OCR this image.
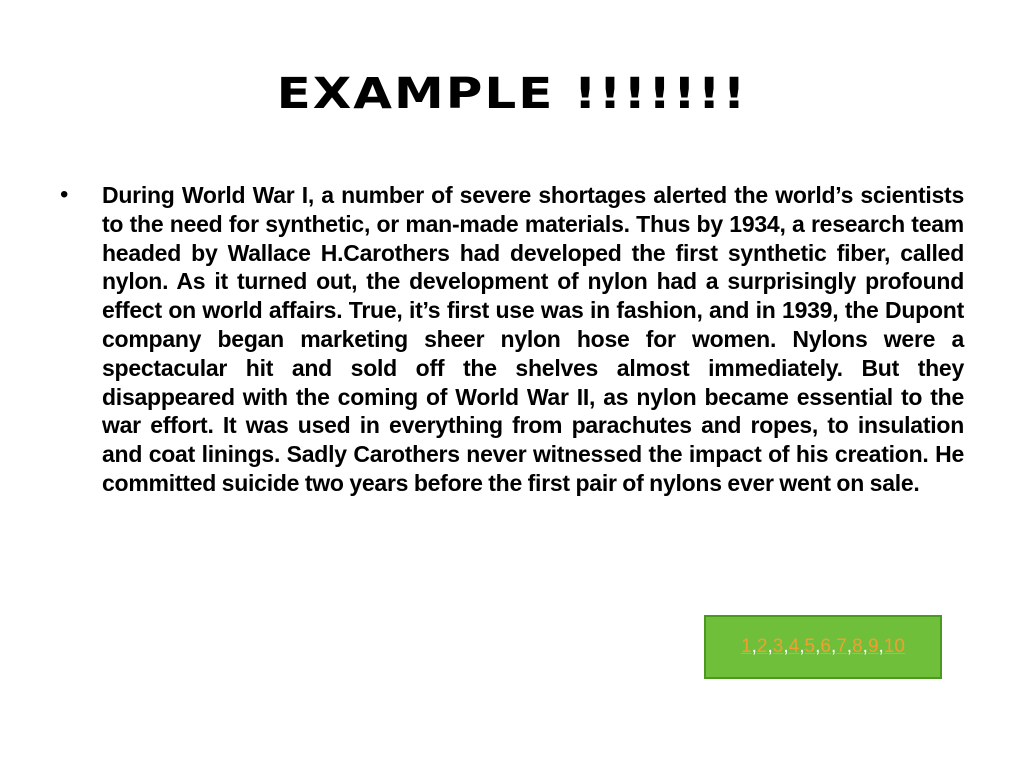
EXAMPLE !!!!!!!
• During World War I, a number of severe shortages alerted the world’s scientists to the need for synthetic, or man-made materials. Thus by 1934, a research team headed by Wallace H.Carothers had developed the first synthetic fiber, called nylon. As it turned out, the development of nylon had a surprisingly profound effect on world affairs. True, it’s first use was in fashion, and in 1939, the Dupont company began marketing sheer nylon hose for women. Nylons were a spectacular hit and sold off the shelves almost immediately. But they disappeared with the coming of World War II, as nylon became essential to the war effort. It was used in everything from parachutes and ropes, to insulation and coat linings. Sadly Carothers never witnessed the impact of his creation. He committed suicide two years before the first pair of nylons ever went on sale.
1 , 2 , 3 , 4 , 5 , 6 , 7 , 8 , 9 , 10
